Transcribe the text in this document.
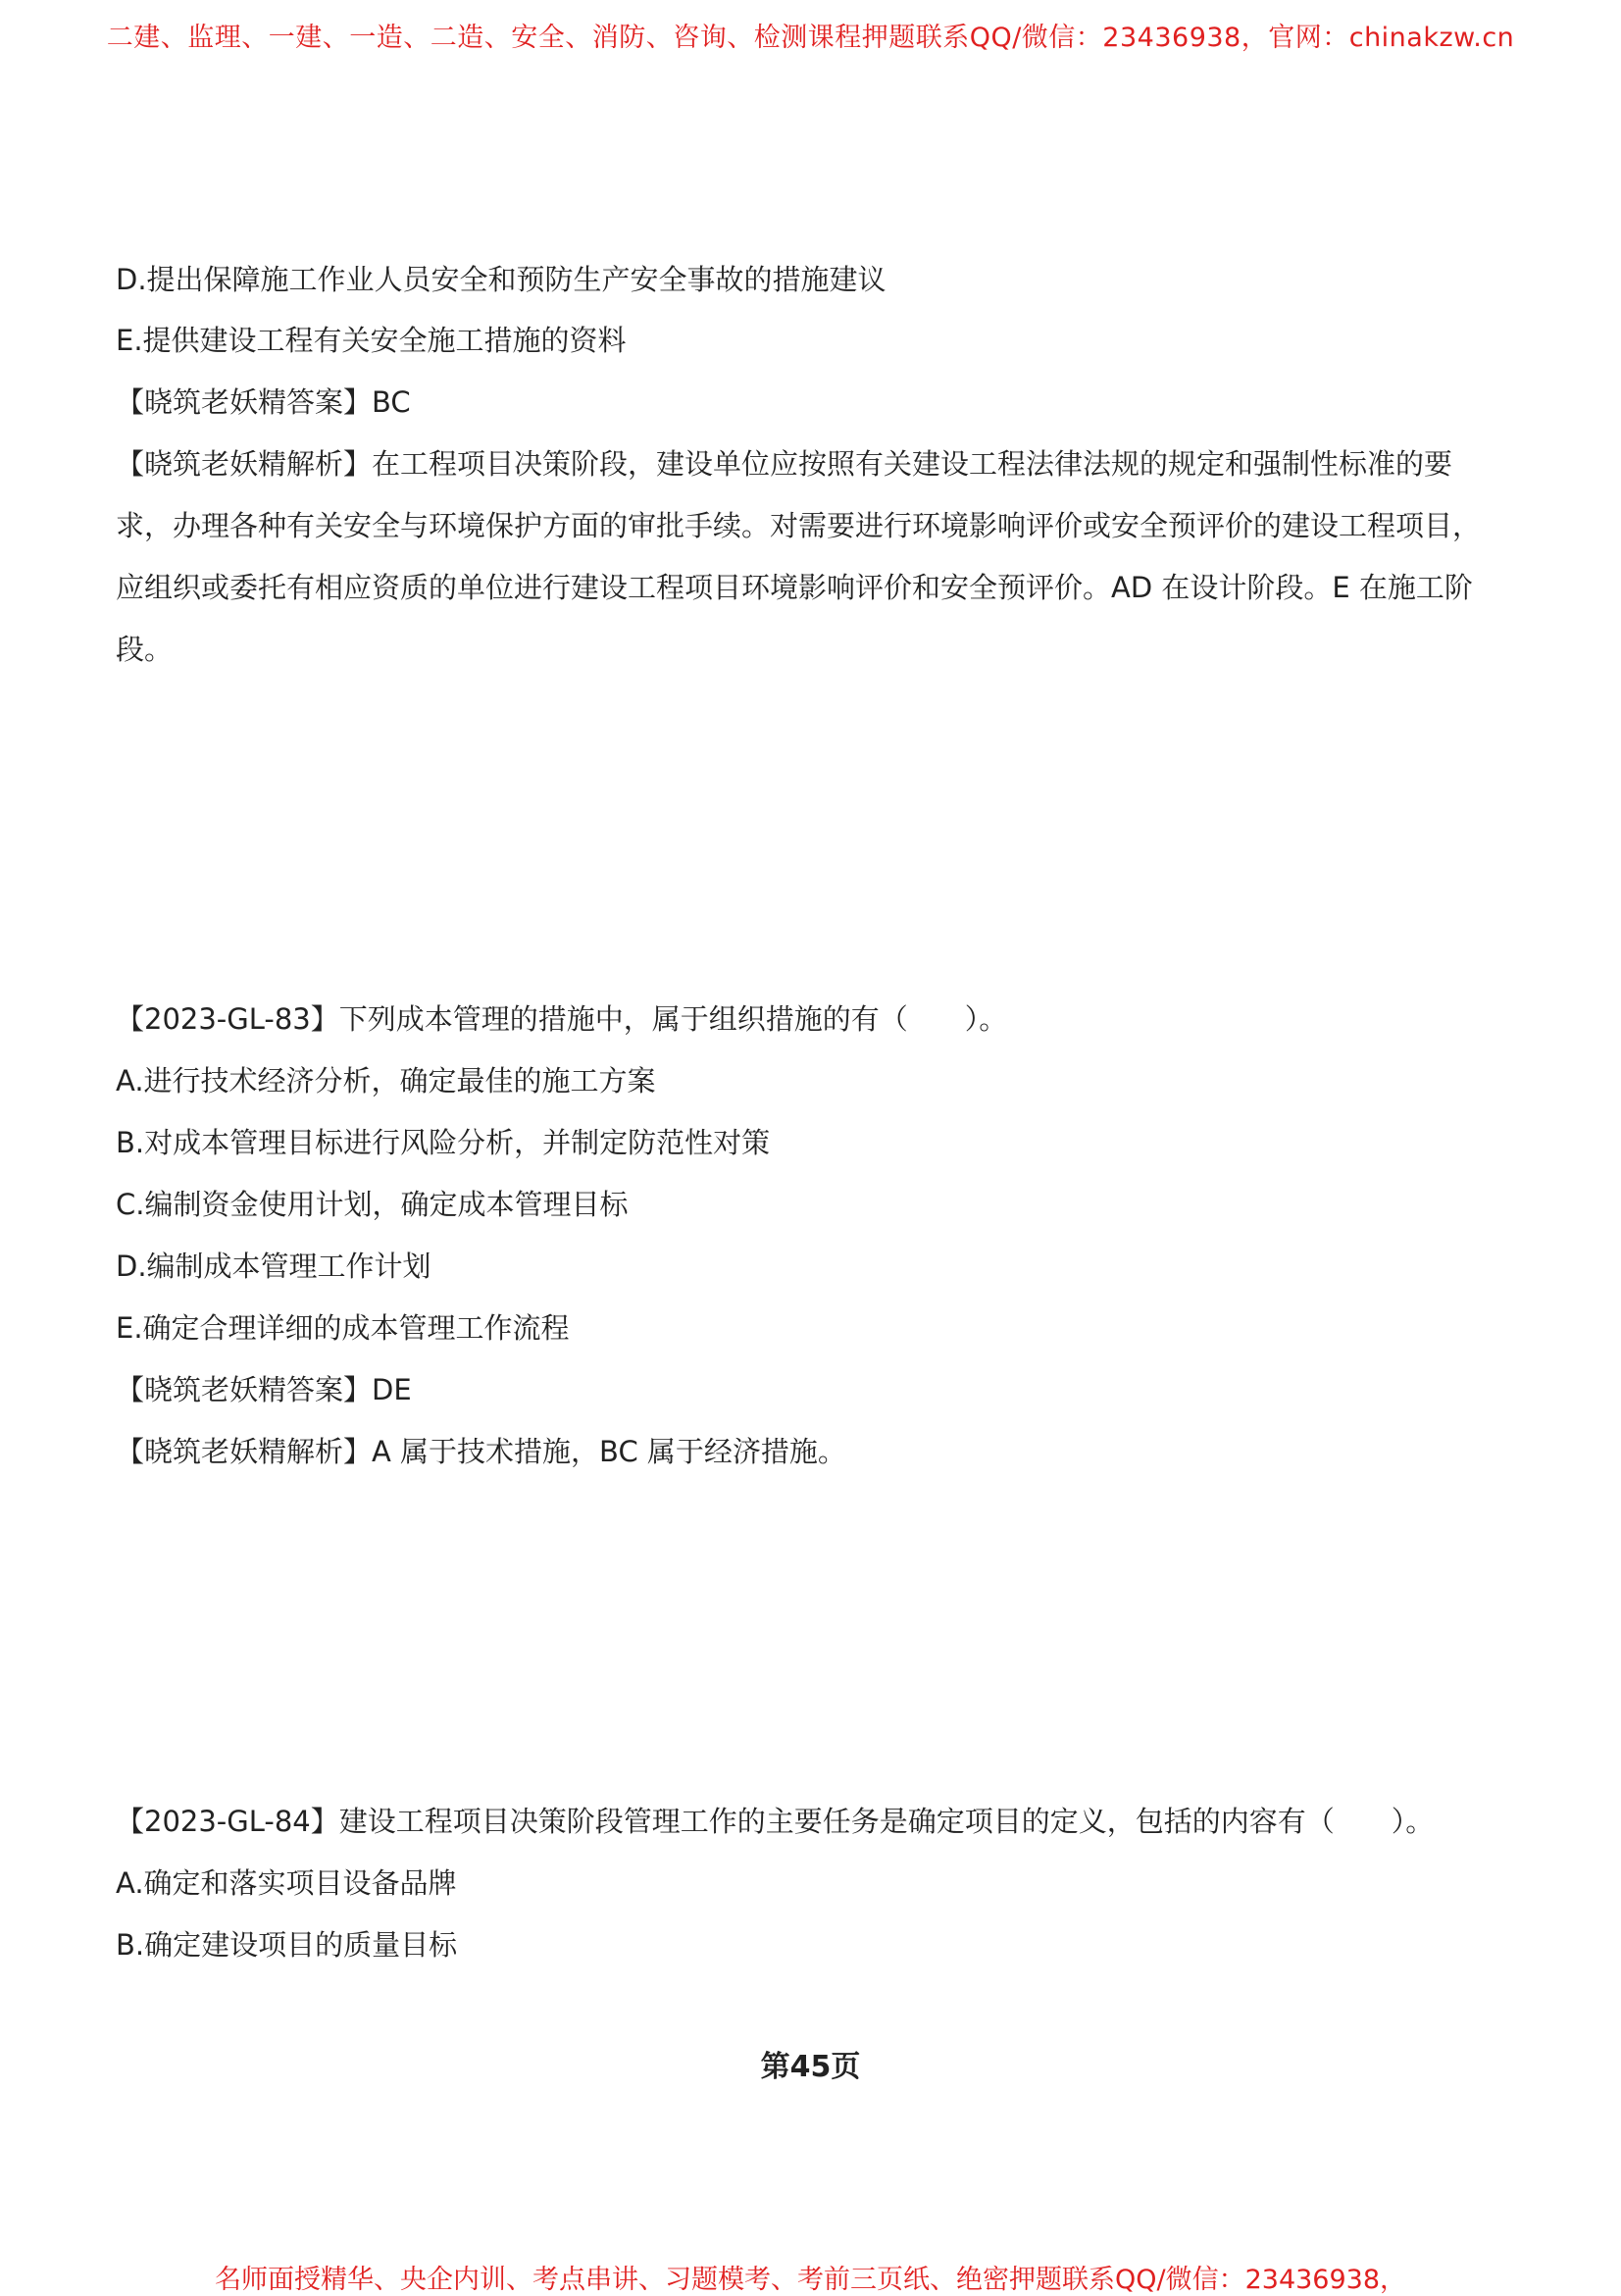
二建、监理、一建、一造、二造、安全、消防、咨询、检测课程押题联系QQ/微信：23436938，官网：chinakzw.cn
D.提出保障施工作业人员安全和预防生产安全事故的措施建议
E.提供建设工程有关安全施工措施的资料
【晓筑老妖精答案】BC
【晓筑老妖精解析】在工程项目决策阶段，建设单位应按照有关建设工程法律法规的规定和强制性标准的要求，办理各种有关安全与环境保护方面的审批手续。对需要进行环境影响评价或安全预评价的建设工程项目，应组织或委托有相应资质的单位进行建设工程项目环境影响评价和安全预评价。AD 在设计阶段。E 在施工阶段。
【2023-GL-83】下列成本管理的措施中，属于组织措施的有（　　）。
A.进行技术经济分析，确定最佳的施工方案
B.对成本管理目标进行风险分析，并制定防范性对策
C.编制资金使用计划，确定成本管理目标
D.编制成本管理工作计划
E.确定合理详细的成本管理工作流程
【晓筑老妖精答案】DE
【晓筑老妖精解析】A 属于技术措施，BC 属于经济措施。
【2023-GL-84】建设工程项目决策阶段管理工作的主要任务是确定项目的定义，包括的内容有（　　）。
A.确定和落实项目设备品牌
B.确定建设项目的质量目标
第45页
名师面授精华、央企内训、考点串讲、习题模考、考前三页纸、绝密押题联系QQ/微信：23436938，
